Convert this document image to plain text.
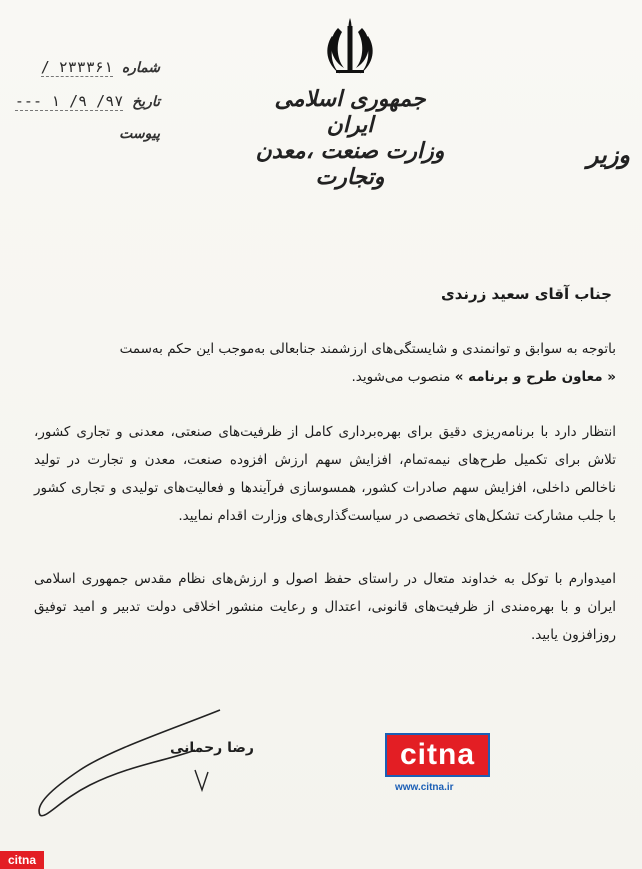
جمهوری اسلامی ایران
وزارت صنعت ،معدن وتجارت
وزیر
شماره ۲۳۳۳۶۱ /
تاریخ ۹۷/ ۹/ ۱ ---
پیوست
جناب آقای سعید زرندی
باتوجه به سوابق و توانمندی و شایستگی‌های ارزشمند جنابعالی به‌موجب این حکم به‌سمت
« معاون طرح و برنامه » منصوب می‌شوید.
انتظار دارد با برنامه‌ریزی دقیق برای بهره‌برداری کامل از ظرفیت‌های صنعتی، معدنی و تجاری کشور، تلاش برای تکمیل طرح‌های نیمه‌تمام، افزایش سهم ارزش افزوده صنعت، معدن و تجارت در تولید ناخالص داخلی، افزایش سهم صادرات کشور، همسوسازی فرآیندها و فعالیت‌های تولیدی و تجاری کشور با جلب مشارکت تشکل‌های تخصصی در سیاست‌گذاری‌های وزارت اقدام نمایید.
امیدوارم با توکل به خداوند متعال در راستای حفظ اصول و ارزش‌های نظام مقدس جمهوری اسلامی ایران و با بهره‌مندی از ظرفیت‌های قانونی، اعتدال و رعایت منشور اخلاقی دولت تدبیر و امید توفیق روزافزون یابید.
رضا رحمانی	citna
www.citna.ir
citna
